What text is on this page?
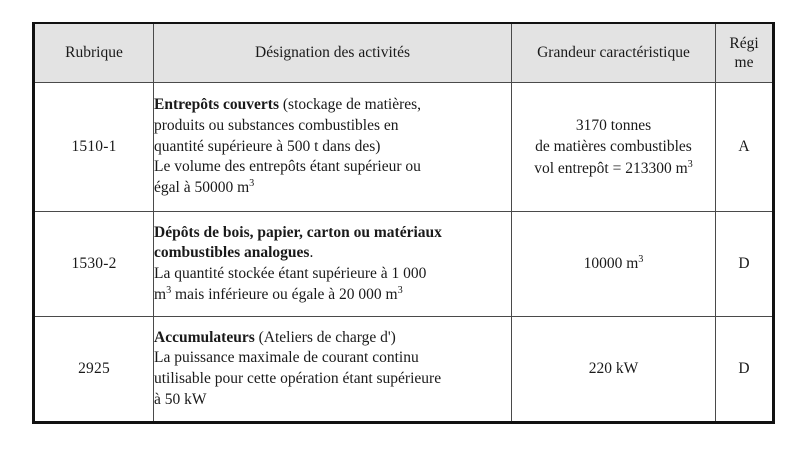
Rubrique	Désignation des activités	Grandeur caractéristique	Régi
me

1510-1	Entrepôts couverts (stockage de matières,
produits ou substances combustibles en
quantité supérieure à 500 t dans des)
Le volume des entrepôts étant supérieur ou
égal à 50000 $m^3$	3170 tonnes
de matières combustibles
vol entrepôt = 213300 $m^3$	A
1530-2	Dépôts de bois, papier, carton ou matériaux combustibles analogues.
La quantité stockée étant supérieure à 1 000
$m^3$ mais inférieure ou égale à 20 000 $m^3$	10000 $m^3$	D
2925	Accumulateurs (Ateliers de charge d')
La puissance maximale de courant continu
utilisable pour cette opération étant supérieure
à 50 kW	220 kW	D
